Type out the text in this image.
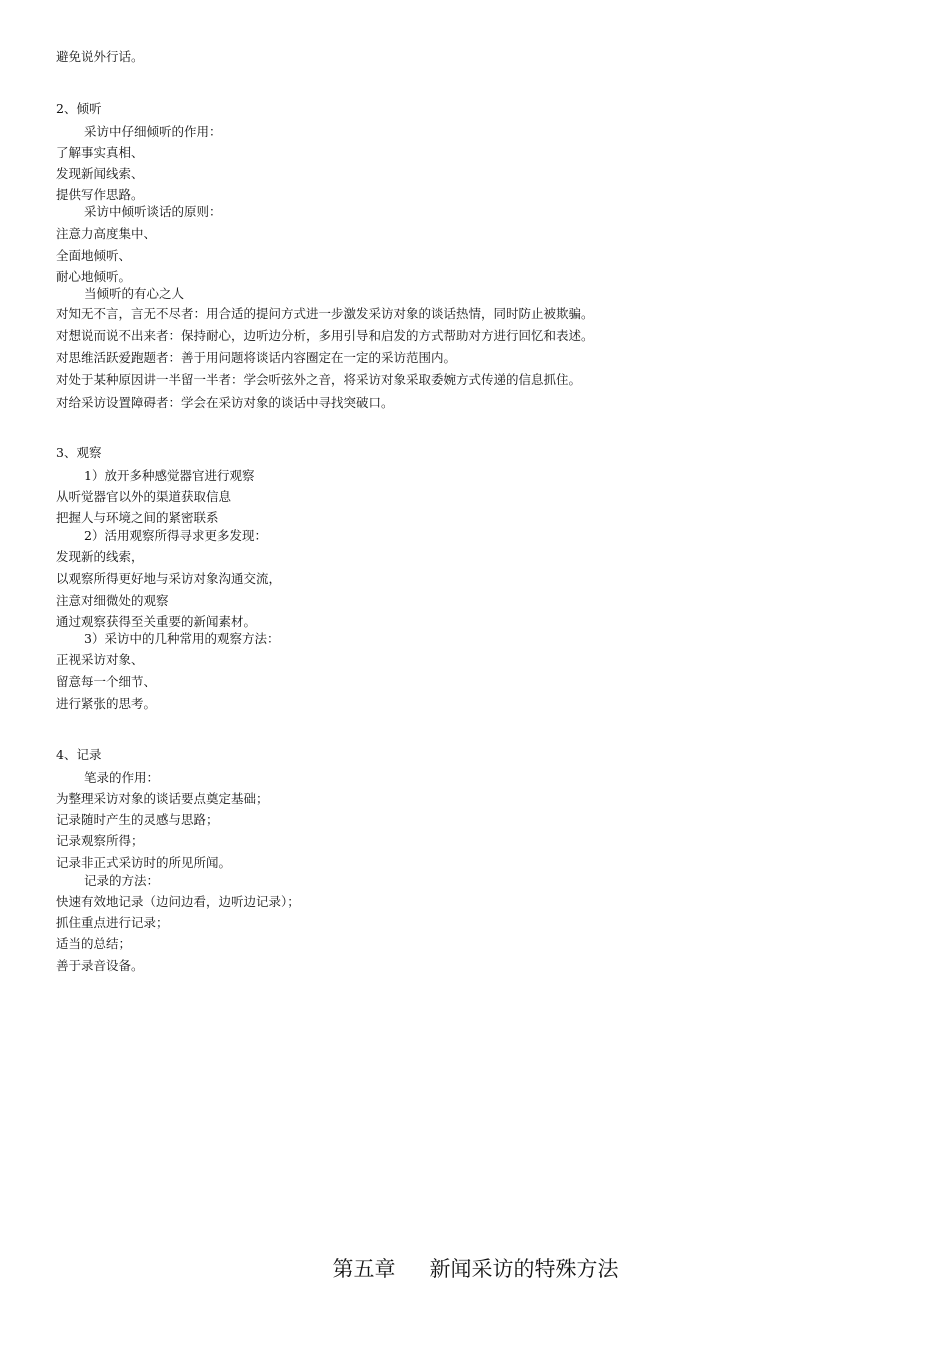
避免说外行话。

2、倾听

采访中仔细倾听的作用：

了解事实真相、

发现新闻线索、

提供写作思路。

采访中倾听谈话的原则：

注意力高度集中、

全面地倾听、

耐心地倾听。

当倾听的有心之人

对知无不言，言无不尽者：用合适的提问方式进一步激发采访对象的谈话热情，同时防止被欺骗。

对想说而说不出来者：保持耐心，边听边分析，多用引导和启发的方式帮助对方进行回忆和表述。

对思维活跃爱跑题者：善于用问题将谈话内容圈定在一定的采访范围内。

对处于某种原因讲一半留一半者：学会听弦外之音，将采访对象采取委婉方式传递的信息抓住。

对给采访设置障碍者：学会在采访对象的谈话中寻找突破口。

3、观察

1）放开多种感觉器官进行观察

从听觉器官以外的渠道获取信息

把握人与环境之间的紧密联系

2）活用观察所得寻求更多发现：

发现新的线索，

以观察所得更好地与采访对象沟通交流，

注意对细微处的观察

通过观察获得至关重要的新闻素材。

3）采访中的几种常用的观察方法：

正视采访对象、

留意每一个细节、

进行紧张的思考。

4、记录

笔录的作用：

为整理采访对象的谈话要点奠定基础；

记录随时产生的灵感与思路；

记录观察所得；

记录非正式采访时的所见所闻。

记录的方法：

快速有效地记录（边问边看，边听边记录）；

抓住重点进行记录；

适当的总结；

善于录音设备。

第五章 新闻采访的特殊方法
